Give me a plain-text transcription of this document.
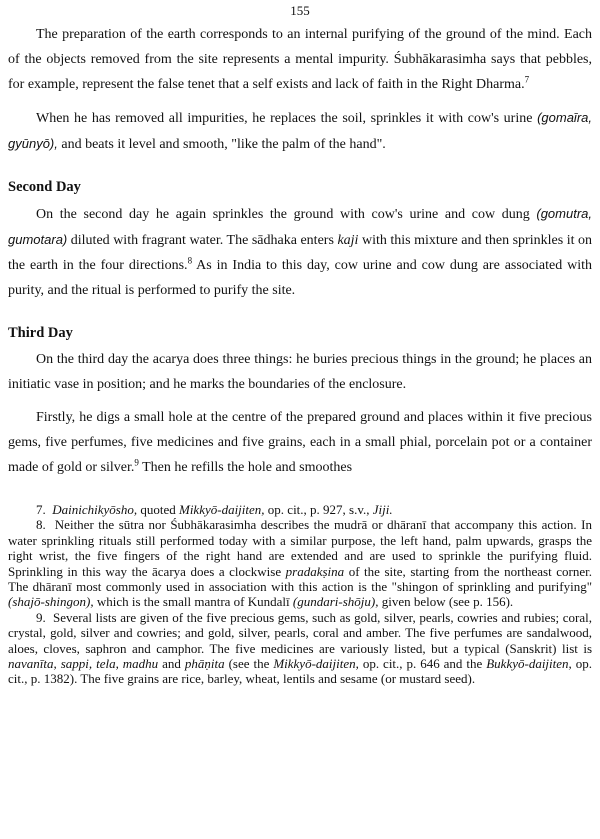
155

The preparation of the earth corresponds to an internal purifying of the ground of the mind. Each of the objects removed from the site represents a mental impurity. Śubhākarasimha says that pebbles, for example, represent the false tenet that a self exists and lack of faith in the Right Dharma.$^7$

When he has removed all impurities, he replaces the soil, sprinkles it with cow's urine (gomaīra, gyūnyō), and beats it level and smooth, "like the palm of the hand".

Second Day

On the second day he again sprinkles the ground with cow's urine and cow dung (gomutra, gumotara) diluted with fragrant water. The sādhaka enters kaji with this mixture and then sprinkles it on the earth in the four directions.$^8$ As in India to this day, cow urine and cow dung are associated with purity, and the ritual is performed to purify the site.

Third Day

On the third day the acarya does three things: he buries precious things in the ground; he places an initiatic vase in position; and he marks the boundaries of the enclosure.

Firstly, he digs a small hole at the centre of the prepared ground and places within it five precious gems, five perfumes, five medicines and five grains, each in a small phial, porcelain pot or a container made of gold or silver.$^9$ Then he refills the hole and smoothes

7. Dainichikyōsho, quoted Mikkyō-daijiten, op. cit., p. 927, s.v., Jiji.

8. Neither the sūtra nor Śubhākarasimha describes the mudrā or dhāranī that accompany this action. In water sprinkling rituals still performed today with a similar purpose, the left hand, palm upwards, grasps the right wrist, the five fingers of the right hand are extended and are used to sprinkle the purifying fluid. Sprinkling in this way the ācarya does a clockwise pradakṣina of the site, starting from the northeast corner. The dhāranī most commonly used in association with this action is the "shingon of sprinkling and purifying" (shajō-shingon), which is the small mantra of Kundalī (gundari-shōju), given below (see p. 156).

9. Several lists are given of the five precious gems, such as gold, silver, pearls, cowries and rubies; coral, crystal, gold, silver and cowries; and gold, silver, pearls, coral and amber. The five perfumes are sandalwood, aloes, cloves, saphron and camphor. The five medicines are variously listed, but a typical (Sanskrit) list is navanīta, sappi, tela, madhu and phāṇita (see the Mikkyō-daijiten, op. cit., p. 646 and the Bukkyō-daijiten, op. cit., p. 1382). The five grains are rice, barley, wheat, lentils and sesame (or mustard seed).
